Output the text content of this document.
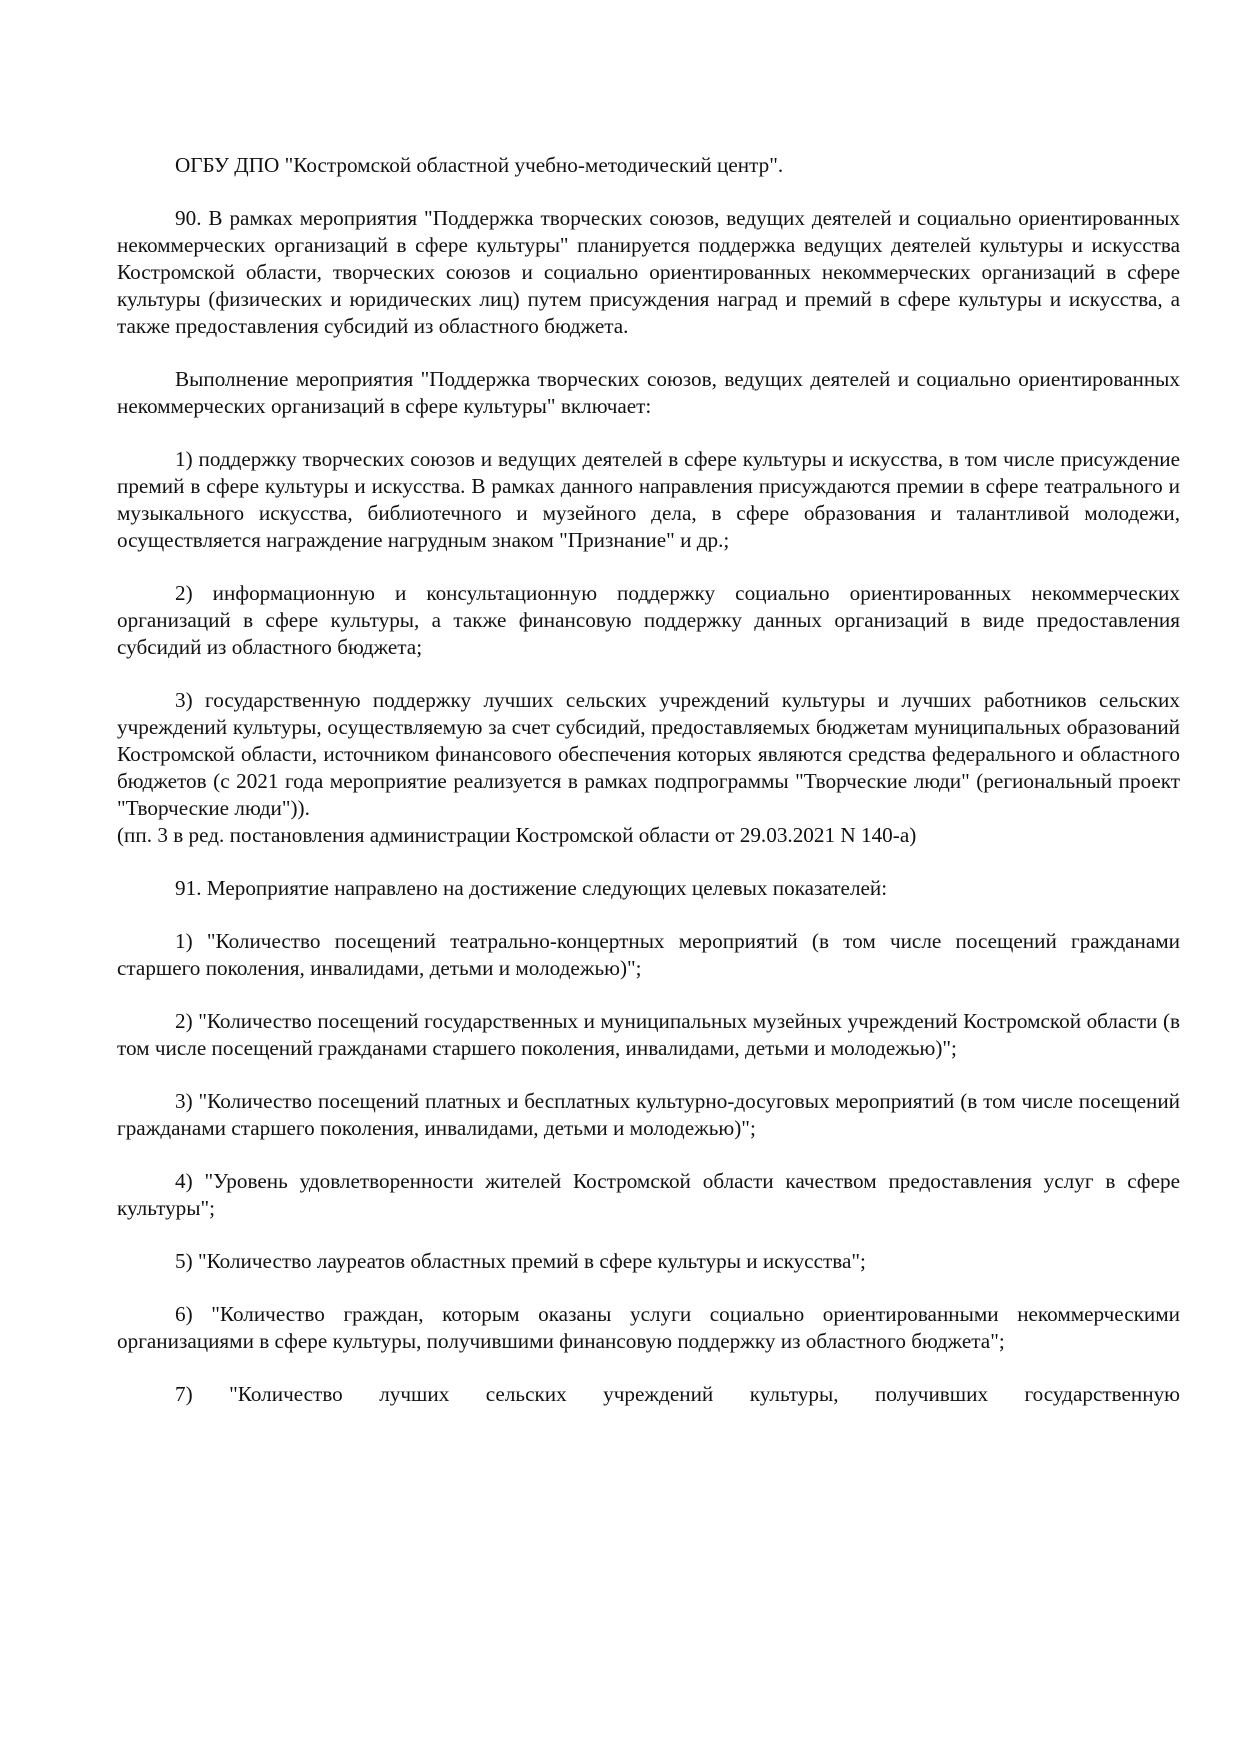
ОГБУ ДПО "Костромской областной учебно-методический центр".

90. В рамках мероприятия "Поддержка творческих союзов, ведущих деятелей и социально ориентированных некоммерческих организаций в сфере культуры" планируется поддержка ведущих деятелей культуры и искусства Костромской области, творческих союзов и социально ориентированных некоммерческих организаций в сфере культуры (физических и юридических лиц) путем присуждения наград и премий в сфере культуры и искусства, а также предоставления субсидий из областного бюджета.

Выполнение мероприятия "Поддержка творческих союзов, ведущих деятелей и социально ориентированных некоммерческих организаций в сфере культуры" включает:

1) поддержку творческих союзов и ведущих деятелей в сфере культуры и искусства, в том числе присуждение премий в сфере культуры и искусства. В рамках данного направления присуждаются премии в сфере театрального и музыкального искусства, библиотечного и музейного дела, в сфере образования и талантливой молодежи, осуществляется награждение нагрудным знаком "Признание" и др.;

2) информационную и консультационную поддержку социально ориентированных некоммерческих организаций в сфере культуры, а также финансовую поддержку данных организаций в виде предоставления субсидий из областного бюджета;

3) государственную поддержку лучших сельских учреждений культуры и лучших работников сельских учреждений культуры, осуществляемую за счет субсидий, предоставляемых бюджетам муниципальных образований Костромской области, источником финансового обеспечения которых являются средства федерального и областного бюджетов (с 2021 года мероприятие реализуется в рамках подпрограммы "Творческие люди" (региональный проект "Творческие люди")).

(пп. 3 в ред. постановления администрации Костромской области от 29.03.2021 N 140-а)

91. Мероприятие направлено на достижение следующих целевых показателей:

1) "Количество посещений театрально-концертных мероприятий (в том числе посещений гражданами старшего поколения, инвалидами, детьми и молодежью)";

2) "Количество посещений государственных и муниципальных музейных учреждений Костромской области (в том числе посещений гражданами старшего поколения, инвалидами, детьми и молодежью)";

3) "Количество посещений платных и бесплатных культурно-досуговых мероприятий (в том числе посещений гражданами старшего поколения, инвалидами, детьми и молодежью)";

4) "Уровень удовлетворенности жителей Костромской области качеством предоставления услуг в сфере культуры";

5) "Количество лауреатов областных премий в сфере культуры и искусства";

6) "Количество граждан, которым оказаны услуги социально ориентированными некоммерческими организациями в сфере культуры, получившими финансовую поддержку из областного бюджета";

7) "Количество лучших сельских учреждений культуры, получивших государственную
